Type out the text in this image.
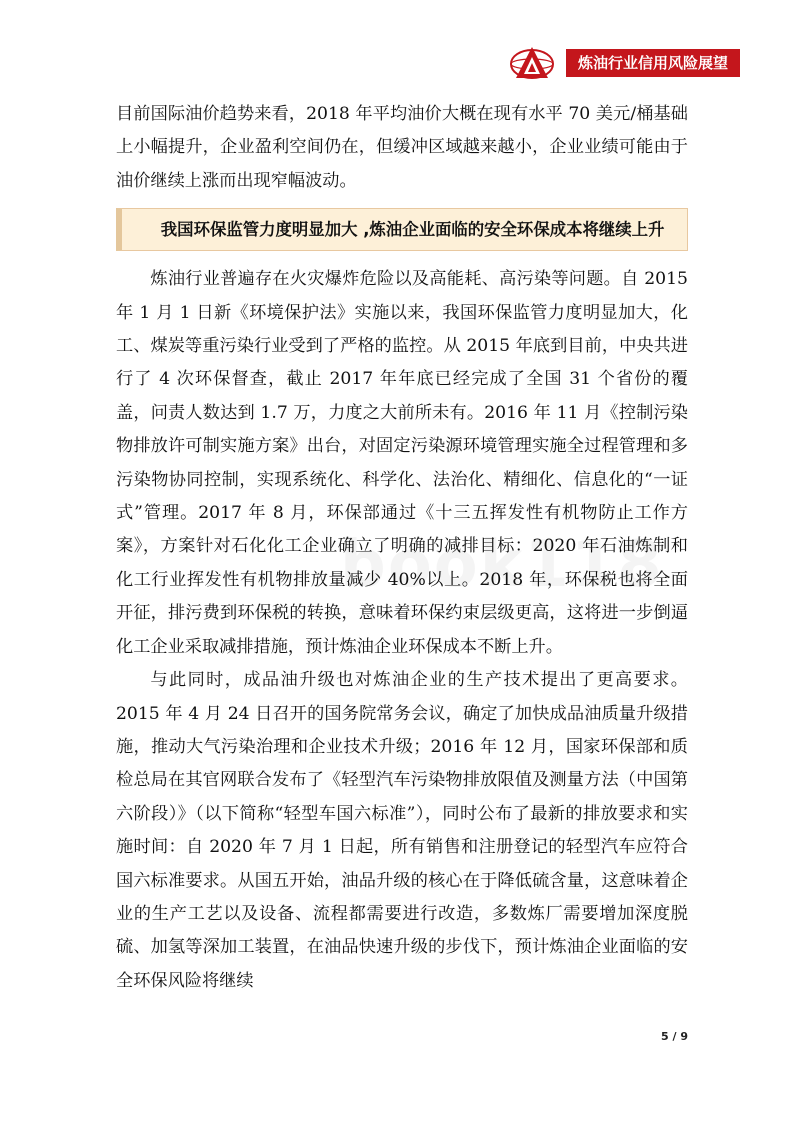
炼油行业信用风险展望

目前国际油价趋势来看，2018 年平均油价大概在现有水平 70 美元/桶基础上小幅提升，企业盈利空间仍在，但缓冲区域越来越小，企业业绩可能由于油价继续上涨而出现窄幅波动。

我国环保监管力度明显加大 ,炼油企业面临的安全环保成本将继续上升

炼油行业普遍存在火灾爆炸危险以及高能耗、高污染等问题。自 2015 年 1 月 1 日新《环境保护法》实施以来，我国环保监管力度明显加大，化工、煤炭等重污染行业受到了严格的监控。从 2015 年底到目前，中央共进行了 4 次环保督查，截止 2017 年年底已经完成了全国 31 个省份的覆盖，问责人数达到 1.7 万，力度之大前所未有。2016 年 11 月《控制污染物排放许可制实施方案》出台，对固定污染源环境管理实施全过程管理和多污染物协同控制，实现系统化、科学化、法治化、精细化、信息化的“一证式”管理。2017 年 8 月，环保部通过《十三五挥发性有机物防止工作方案》，方案针对石化化工企业确立了明确的减排目标：2020 年石油炼制和化工行业挥发性有机物排放量减少 40%以上。2018 年，环保税也将全面开征，排污费到环保税的转换，意味着环保约束层级更高，这将进一步倒逼化工企业采取减排措施，预计炼油企业环保成本不断上升。

与此同时，成品油升级也对炼油企业的生产技术提出了更高要求。2015 年 4 月 24 日召开的国务院常务会议，确定了加快成品油质量升级措施，推动大气污染治理和企业技术升级；2016 年 12 月，国家环保部和质检总局在其官网联合发布了《轻型汽车污染物排放限值及测量方法（中国第六阶段）》（以下简称“轻型车国六标准”），同时公布了最新的排放要求和实施时间：自 2020 年 7 月 1 日起，所有销售和注册登记的轻型汽车应符合国六标准要求。从国五开始，油品升级的核心在于降低硫含量，这意味着企业的生产工艺以及设备、流程都需要进行改造，多数炼厂需要增加深度脱硫、加氢等深加工装置，在油品快速升级的步伐下，预计炼油企业面临的安全环保风险将继续

5 / 9
